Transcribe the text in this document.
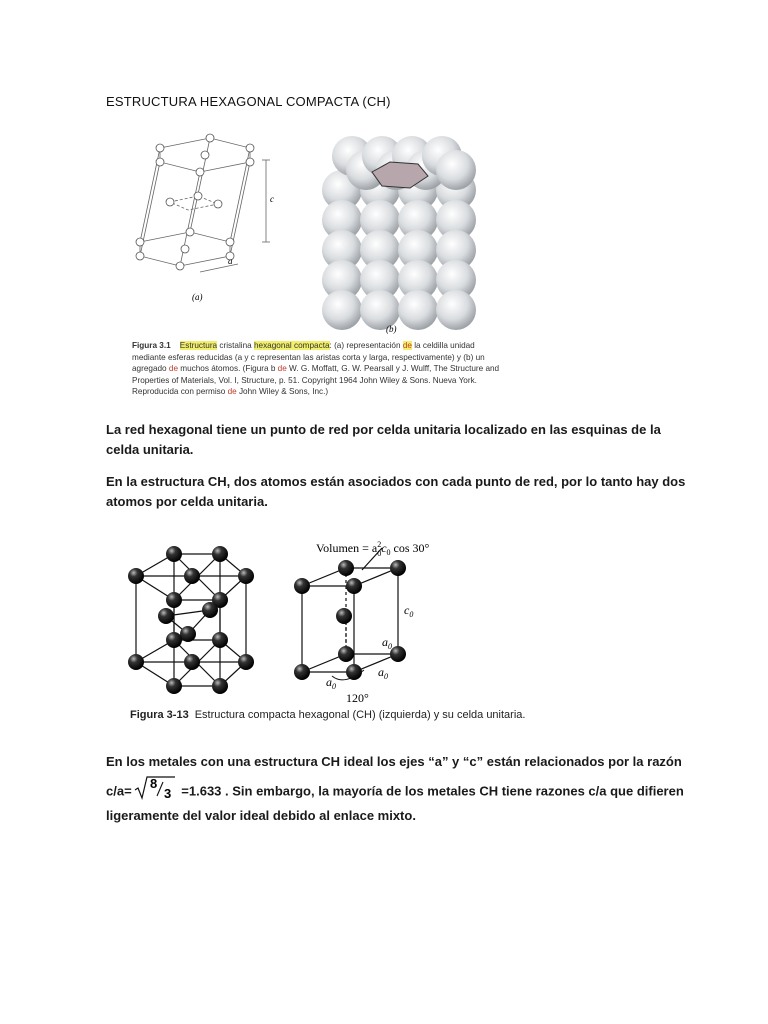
ESTRUCTURA HEXAGONAL COMPACTA (CH)
c
a
(a)
(b)
Figura 3.1 Estructura cristalina hexagonal compacta: (a) representación de la celdilla unidad mediante esferas reducidas (a y c representan las aristas corta y larga, respectivamente) y (b) un agregado de muchos átomos. (Figura b de W. G. Moffatt, G. W. Pearsall y J. Wulff, The Structure and Properties of Materials, Vol. I, Structure, p. 51. Copyright 1964 John Wiley & Sons. Nueva York. Reproducida con permiso de John Wiley & Sons, Inc.)
La red hexagonal tiene un punto de red por celda unitaria localizado en las esquinas de la celda unitaria.
En la estructura CH, dos atomos están asociados con cada punto de red, por lo tanto hay dos atomos por celda unitaria.
Volumen = $a^2$ $0c_0$ cos 30°
$c_0$
$a_0$
$a_0$
$a_0$
120°
Figura 3-13 Estructura compacta hexagonal (CH) (izquierda) y su celda unitaria.
En los metales con una estructura CH ideal los ejes “a” y “c” están relacionados por la razón
c/a= 8
3 =1.633 . Sin embargo, la mayoría de los metales CH tiene razones c/a que difieren
ligeramente del valor ideal debido al enlace mixto.
